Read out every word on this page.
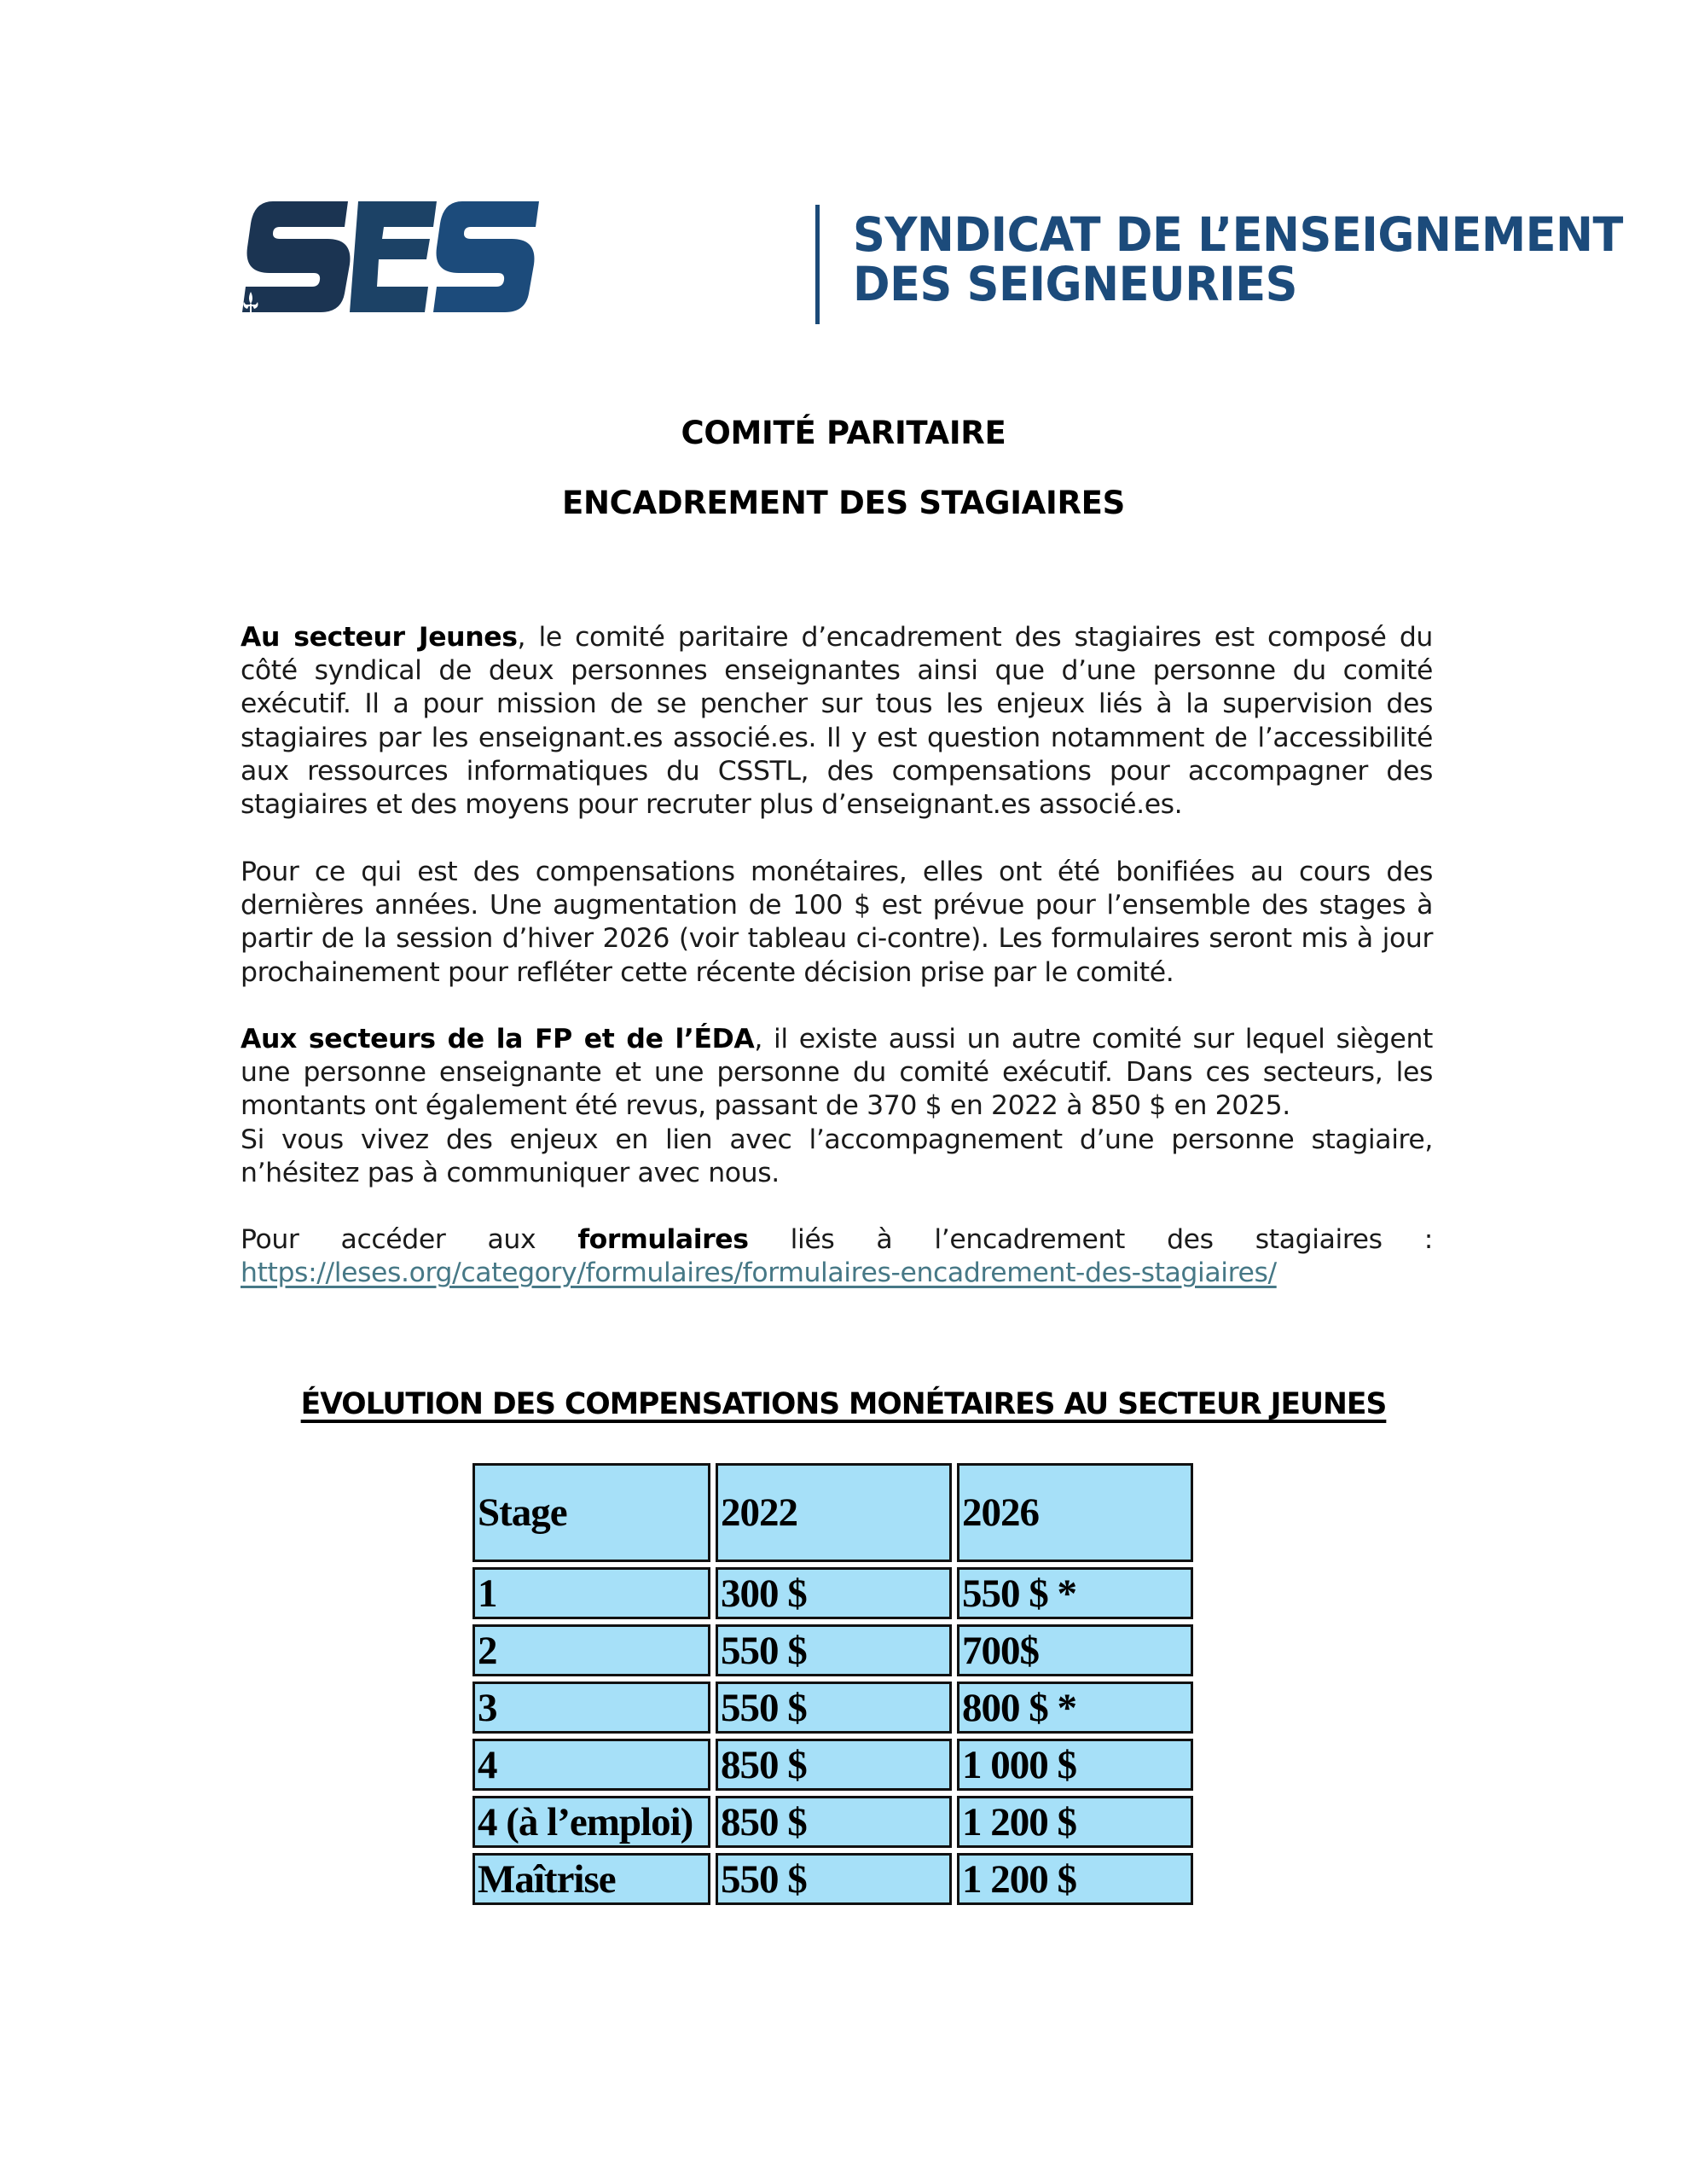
SYNDICAT DE L’ENSEIGNEMENT
DES SEIGNEURIES
COMITÉ PARITAIRE
ENCADREMENT DES STAGIAIRES
Au secteur Jeunes, le comité paritaire d’encadrement des stagiaires est composé du côté syndical de deux personnes enseignantes ainsi que d’une personne du comité exécutif. Il a pour mission de se pencher sur tous les enjeux liés à la supervision des stagiaires par les enseignant.es associé.es. Il y est question notamment de l’accessibilité aux ressources informatiques du CSSTL, des compensations pour accompagner des stagiaires et des moyens pour recruter plus d’enseignant.es associé.es.
Pour ce qui est des compensations monétaires, elles ont été bonifiées au cours des dernières années. Une augmentation de 100 $ est prévue pour l’ensemble des stages à partir de la session d’hiver 2026 (voir tableau ci-contre). Les formulaires seront mis à jour prochainement pour refléter cette récente décision prise par le comité.
Aux secteurs de la FP et de l’ÉDA, il existe aussi un autre comité sur lequel siègent une personne enseignante et une personne du comité exécutif. Dans ces secteurs, les montants ont également été revus, passant de 370 $ en 2022 à 850 $ en 2025.
Si vous vivez des enjeux en lien avec l’accompagnement d’une personne stagiaire, n’hésitez pas à communiquer avec nous.
Pour accéder aux formulaires liés à l’encadrement des stagiaires :
https://leses.org/category/formulaires/formulaires-encadrement-des-stagiaires/
ÉVOLUTION DES COMPENSATIONS MONÉTAIRES AU SECTEUR JEUNES
Stage	2022	2026
1	300 $	550 $ *
2	550 $	700$
3	550 $	800 $ *
4	850 $	1 000 $
4 (à l’emploi)	850 $	1 200 $
Maîtrise	550 $	1 200 $
